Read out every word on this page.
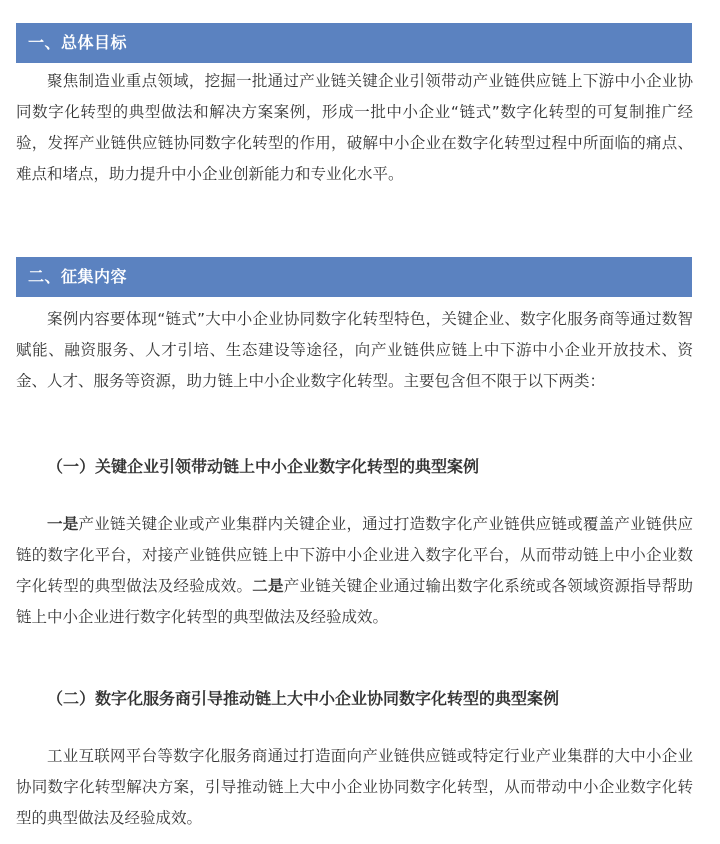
一、总体目标

聚焦制造业重点领域，挖掘一批通过产业链关键企业引领带动产业链供应链上下游中小企业协同数字化转型的典型做法和解决方案案例，形成一批中小企业“链式”数字化转型的可复制推广经验，发挥产业链供应链协同数字化转型的作用，破解中小企业在数字化转型过程中所面临的痛点、难点和堵点，助力提升中小企业创新能力和专业化水平。

二、征集内容

案例内容要体现“链式”大中小企业协同数字化转型特色，关键企业、数字化服务商等通过数智赋能、融资服务、人才引培、生态建设等途径，向产业链供应链上中下游中小企业开放技术、资金、人才、服务等资源，助力链上中小企业数字化转型。主要包含但不限于以下两类：

（一）关键企业引领带动链上中小企业数字化转型的典型案例

一是产业链关键企业或产业集群内关键企业，通过打造数字化产业链供应链或覆盖产业链供应链的数字化平台，对接产业链供应链上中下游中小企业进入数字化平台，从而带动链上中小企业数字化转型的典型做法及经验成效。二是产业链关键企业通过输出数字化系统或各领域资源指导帮助链上中小企业进行数字化转型的典型做法及经验成效。

（二）数字化服务商引导推动链上大中小企业协同数字化转型的典型案例

工业互联网平台等数字化服务商通过打造面向产业链供应链或特定行业产业集群的大中小企业协同数字化转型解决方案，引导推动链上大中小企业协同数字化转型，从而带动中小企业数字化转型的典型做法及经验成效。
